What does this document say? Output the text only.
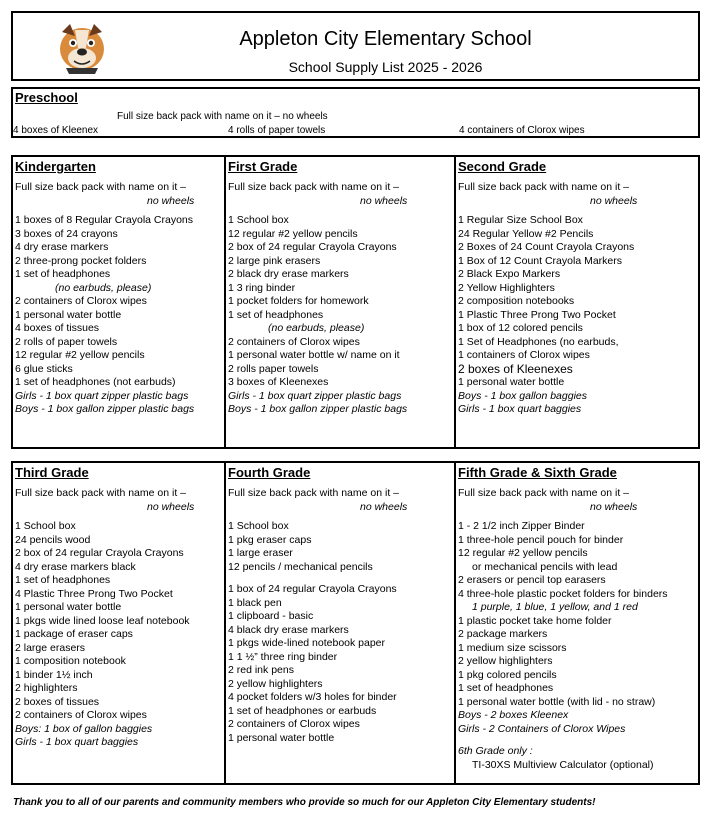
Appleton City Elementary School
School Supply List 2025 - 2026
Preschool
Full size back pack with name on it – no wheels
4 boxes of Kleenex	4 rolls of paper towels	4 containers of Clorox wipes
Kindergarten
Full size back pack with name on it –
no wheels
1 boxes of 8 Regular Crayola Crayons
3 boxes of 24 crayons
4 dry erase markers
2 three-prong pocket folders
1 set of headphones
(no earbuds, please)
2 containers of Clorox wipes
1 personal water bottle
4 boxes of tissues
2 rolls of paper towels
12 regular #2 yellow pencils
6 glue sticks
1 set of headphones (not earbuds)
Girls - 1 box quart zipper plastic bags
Boys - 1 box gallon zipper plastic bags
First Grade
Full size back pack with name on it –
no wheels
1 School box
12 regular #2 yellow pencils
2 box of 24 regular Crayola Crayons
2 large pink erasers
2 black dry erase markers
1 3 ring binder
1 pocket folders for homework
1 set of headphones
(no earbuds, please)
2 containers of Clorox wipes
1 personal water bottle w/ name on it
2 rolls paper towels
3 boxes of Kleenexes
Girls - 1 box quart zipper plastic bags
Boys - 1 box gallon zipper plastic bags
Second Grade
Full size back pack with name on it –
no wheels
1 Regular Size School Box
24 Regular Yellow #2 Pencils
2 Boxes of 24 Count Crayola Crayons
1 Box of 12 Count Crayola Markers
2 Black Expo Markers
2 Yellow Highlighters
2 composition notebooks
1 Plastic Three Prong Two Pocket
1 box of 12 colored pencils
1 Set of Headphones (no earbuds,
1 containers of Clorox wipes
2 boxes of Kleenexes
1 personal water bottle
Boys - 1 box gallon baggies
Girls - 1 box quart baggies
Third Grade
Full size back pack with name on it –
no wheels
1 School box
24 pencils wood
2 box of 24 regular Crayola Crayons
4 dry erase markers black
1 set of headphones
4 Plastic Three Prong Two Pocket
1 personal water bottle
1 pkgs wide lined loose leaf notebook
1 package of eraser caps
2 large erasers
1 composition notebook
1 binder 1½ inch
2 highlighters
2 boxes of tissues
2 containers of Clorox wipes
Boys: 1 box of gallon baggies
Girls - 1 box quart baggies
Fourth Grade
Full size back pack with name on it –
no wheels
1 School box
1 pkg eraser caps
1 large eraser
12 pencils / mechanical pencils
1 box of 24 regular Crayola Crayons
1 black pen
1 clipboard - basic
4 black dry erase markers
1 pkgs wide-lined notebook paper
1 1 ½” three ring binder
2 red ink pens
2 yellow highlighters
4 pocket folders w/3 holes for binder
1 set of headphones or earbuds
2 containers of Clorox wipes
1 personal water bottle
Fifth Grade & Sixth Grade
Full size back pack with name on it –
no wheels
1 - 2 1/2 inch Zipper Binder
1 three-hole pencil pouch for binder
12 regular #2 yellow pencils
or mechanical pencils with lead
2 erasers or pencil top earasers
4 three-hole plastic pocket folders for binders
1 purple, 1 blue, 1 yellow, and 1 red
1 plastic pocket take home folder
2 package markers
1 medium size scissors
2 yellow highlighters
1 pkg colored pencils
1 set of headphones
1 personal water bottle (with lid - no straw)
Boys - 2 boxes Kleenex
Girls - 2 Containers of Clorox Wipes
6th Grade only :
TI-30XS Multiview Calculator (optional)
Thank you to all of our parents and community members who provide so much for our Appleton City Elementary students!
